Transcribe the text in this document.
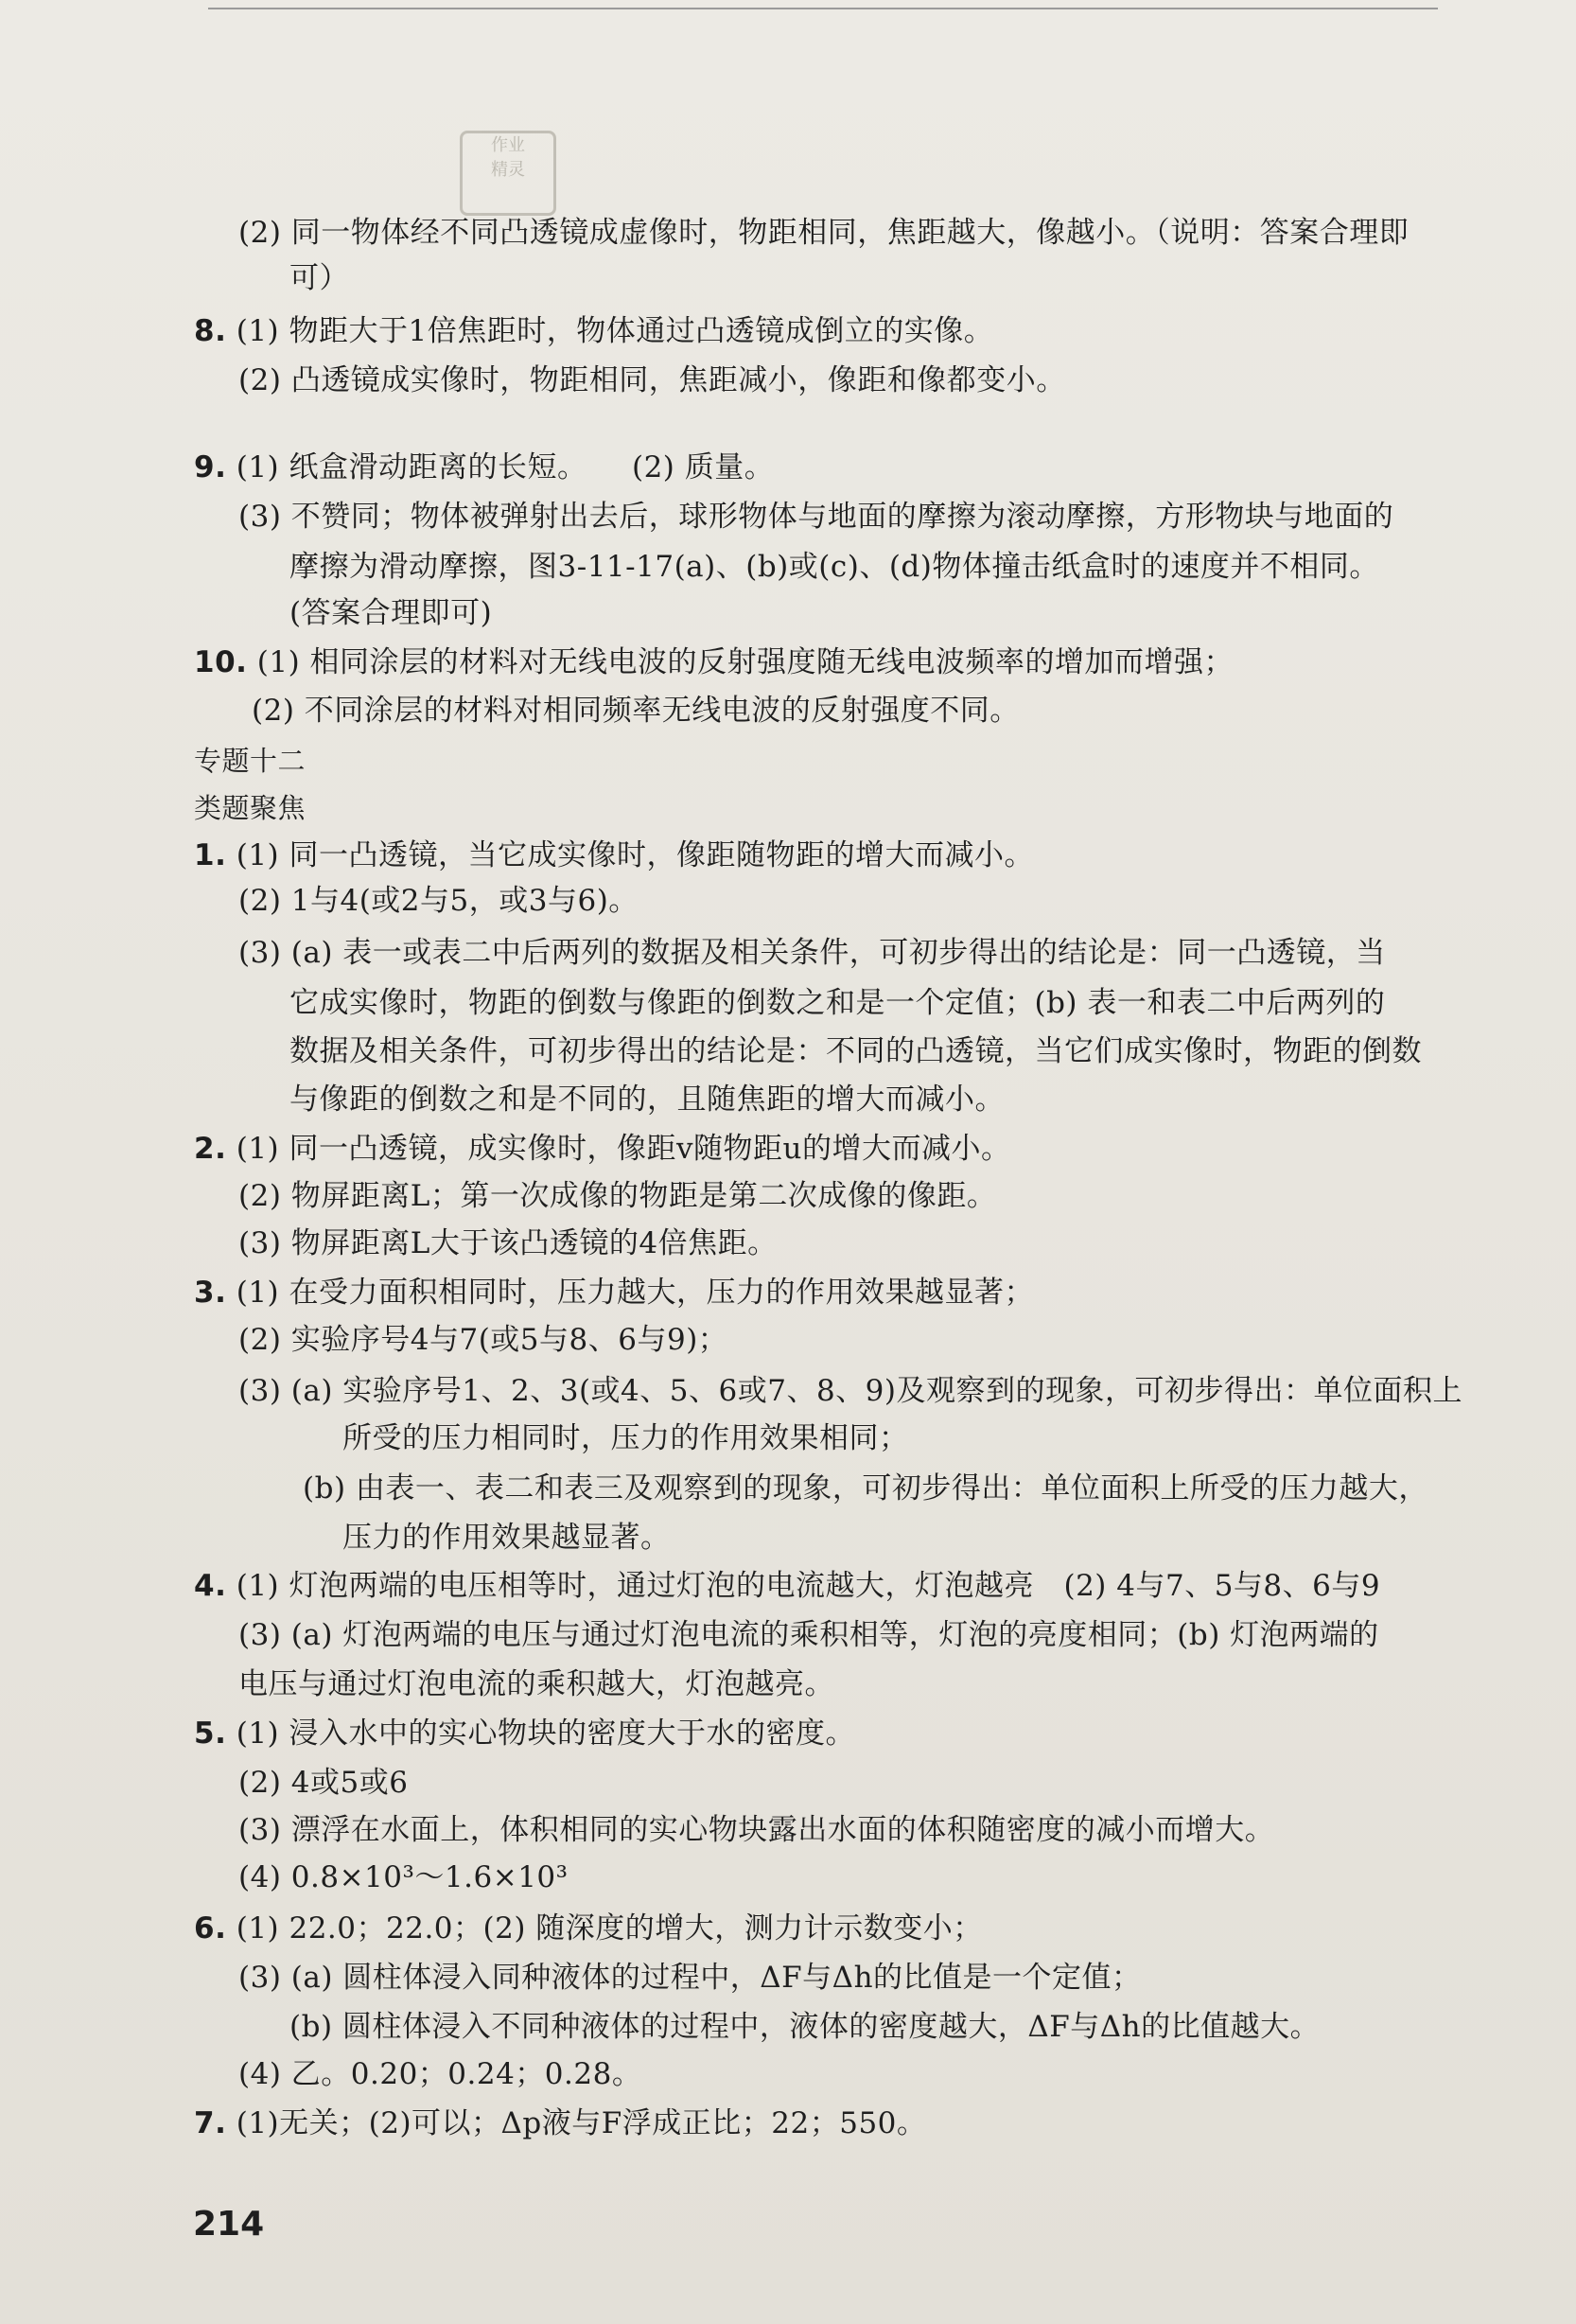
作业
精灵
(2) 同一物体经不同凸透镜成虚像时，物距相同，焦距越大，像越小。（说明：答案合理即
可）
8. (1) 物距大于1倍焦距时，物体通过凸透镜成倒立的实像。
(2) 凸透镜成实像时，物距相同，焦距减小，像距和像都变小。
9. (1) 纸盒滑动距离的长短。　　(2) 质量。
(3) 不赞同；物体被弹射出去后，球形物体与地面的摩擦为滚动摩擦，方形物块与地面的
摩擦为滑动摩擦，图3-11-17(a)、(b)或(c)、(d)物体撞击纸盒时的速度并不相同。
(答案合理即可)
10. (1) 相同涂层的材料对无线电波的反射强度随无线电波频率的增加而增强；
(2) 不同涂层的材料对相同频率无线电波的反射强度不同。
专题十二
类题聚焦
1. (1) 同一凸透镜，当它成实像时，像距随物距的增大而减小。
(2) 1与4(或2与5，或3与6)。
(3) (a) 表一或表二中后两列的数据及相关条件，可初步得出的结论是：同一凸透镜，当
它成实像时，物距的倒数与像距的倒数之和是一个定值；(b) 表一和表二中后两列的
数据及相关条件，可初步得出的结论是：不同的凸透镜，当它们成实像时，物距的倒数
与像距的倒数之和是不同的，且随焦距的增大而减小。
2. (1) 同一凸透镜，成实像时，像距v随物距u的增大而减小。
(2) 物屏距离L；第一次成像的物距是第二次成像的像距。
(3) 物屏距离L大于该凸透镜的4倍焦距。
3. (1) 在受力面积相同时，压力越大，压力的作用效果越显著；
(2) 实验序号4与7(或5与8、6与9)；
(3) (a) 实验序号1、2、3(或4、5、6或7、8、9)及观察到的现象，可初步得出：单位面积上
所受的压力相同时，压力的作用效果相同；
(b) 由表一、表二和表三及观察到的现象，可初步得出：单位面积上所受的压力越大，
压力的作用效果越显著。
4. (1) 灯泡两端的电压相等时，通过灯泡的电流越大，灯泡越亮　(2) 4与7、5与8、6与9
(3) (a) 灯泡两端的电压与通过灯泡电流的乘积相等，灯泡的亮度相同；(b) 灯泡两端的
电压与通过灯泡电流的乘积越大，灯泡越亮。
5. (1) 浸入水中的实心物块的密度大于水的密度。
(2) 4或5或6
(3) 漂浮在水面上，体积相同的实心物块露出水面的体积随密度的减小而增大。
(4) 0.8×10³～1.6×10³
6. (1) 22.0；22.0；(2) 随深度的增大，测力计示数变小；
(3) (a) 圆柱体浸入同种液体的过程中，ΔF与Δh的比值是一个定值；
(b) 圆柱体浸入不同种液体的过程中，液体的密度越大，ΔF与Δh的比值越大。
(4) 乙。0.20；0.24；0.28。
7. (1)无关；(2)可以；Δp液与F浮成正比；22；550。
214
